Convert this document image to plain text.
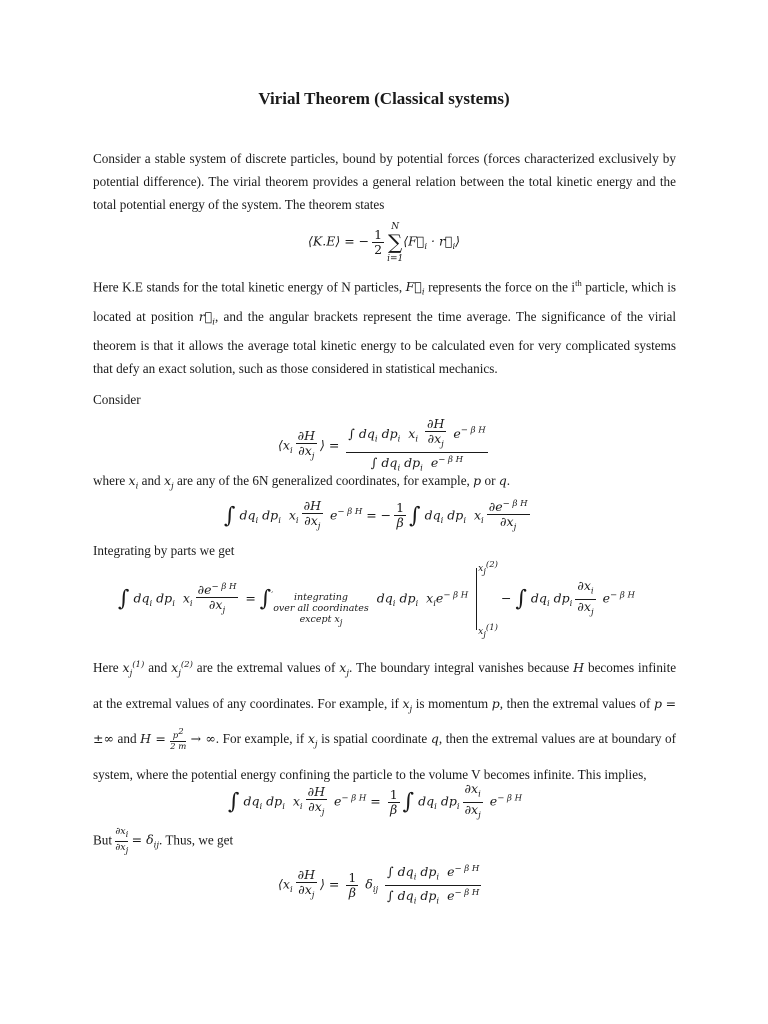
Virial Theorem (Classical systems)
Consider a stable system of discrete particles, bound by potential forces (forces characterized exclusively by potential difference). The virial theorem provides a general relation between the total kinetic energy and the total potential energy of the system. The theorem states
⟨K.E⟩ = − $\frac{1}{2}$
N
∑
$i=1⟨F⃗_i$ · $r⃗_i⟩$
Here K.E stands for the total kinetic energy of N particles, $F⃗_i$ represents the force on the $i^{th}$ particle, which is located at position $r⃗_i$, and the angular brackets represent the time average. The significance of the virial theorem is that it allows the average total kinetic energy to be calculated even for very complicated systems that defy an exact solution, such as those considered in statistical mechanics.
Consider
$⟨x_i \frac{\partial H}{\partial x_j}$ ⟩ = $\frac{\int dq_i dp_i x_i \frac{\partial H}{\partial x_j} e^{- \beta H}}{\int dq_i dp_i e^{- \beta H}}$
where $x_i$ and $x_j$ are any of the 6N generalized coordinates, for example, p or q.
∫ $dq_i$ $dp_i$ $x_i \frac{\partial H}{\partial x_j} e^{- \beta H}$ = − $\frac{1}{\beta}$ ∫ $dq_i$ $dp_i$ $x_i \frac{\partial e^{- \beta H}}{\partial x_j}$
Integrating by parts we get
∫ $dq_i$ $dp_i$ $x_i \frac{\partial e^{- \beta H}}{\partial x_j} = \int'$ integrating
over all coordinates
except $x_j$  $dq_i$ $dp_i$ $x_ie^{- \beta H}$
$x_j^{(2)}$
$x_j^{(1)}$
− ∫ $dq_i$ $dp_i \frac{\partial x_i}{\partial x_j} e^{- \beta H}$
Here $x_j^{(1)}$ and $x_j^{(2)}$ are the extremal values of $x_j$. The boundary integral vanishes because H becomes infinite at the extremal values of any coordinates. For example, if $x_j$ is momentum p, then the extremal values of p = ±∞ and $H = \frac{p^2}{2 m}$ → ∞. For example, if $x_j$ is spatial coordinate q, then the extremal values are at boundary of system, where the potential energy confining the particle to the volume V becomes infinite. This implies,
∫ $dq_i$ $dp_i$ $x_i \frac{\partial H}{\partial x_j} e^{- \beta H} = \frac{1}{\beta}$ ∫ $dq_i$ $dp_i \frac{\partial x_i}{\partial x_j} e^{- \beta H}$
But $\frac{\partial x_i}{\partial x_j} = \delta_{ij}$. Thus, we get
$⟨x_i \frac{\partial H}{\partial x_j}$ ⟩ = $\frac{1}{\beta} \delta_{ij} \frac{\int dq_i dp_i e^{- \beta H}}{\int dq_i dp_i e^{- \beta H}}$
